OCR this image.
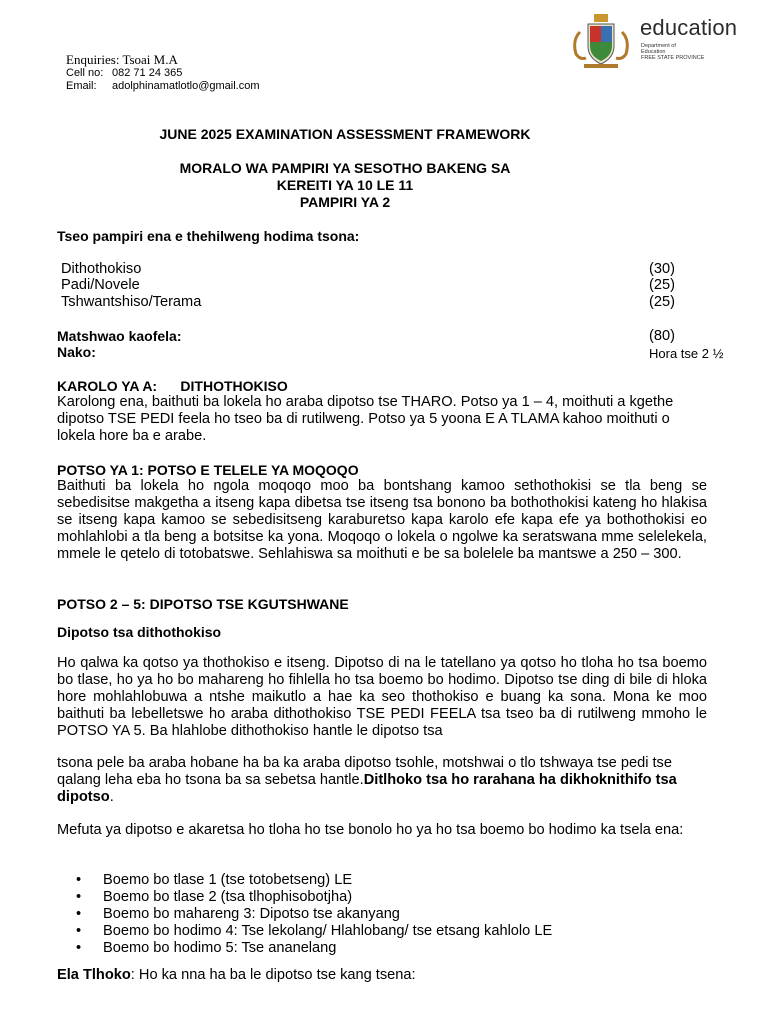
Enquiries: Tsoai M.A
Cell no: 082 71 24 365
Email: adolphinamatlotlo@gmail.com
education
Department of
Education
FREE STATE PROVINCE
JUNE 2025 EXAMINATION ASSESSMENT FRAMEWORK
MORALO WA PAMPIRI YA SESOTHO BAKENG SA
KEREITI YA 10 LE 11
PAMPIRI YA 2
Tseo pampiri ena e thehilweng hodima tsona:
Dithothokiso	(30)
Padi/Novele	(25)
Tshwantshiso/Terama	(25)
Matshwao kaofela:	(80)
Nako:	Hora tse 2 ½
KAROLO YA A:      DITHOTHOKISO
Karolong ena, baithuti ba lokela ho araba dipotso tse THARO. Potso ya 1 – 4, moithuti a kgethe dipotso TSE PEDI feela ho tseo ba di rutilweng. Potso ya 5 yoona E A TLAMA kahoo moithuti o lokela hore ba e arabe.
POTSO YA 1: POTSO E TELELE YA MOQOQO
Baithuti ba lokela ho ngola moqoqo moo ba bontshang kamoo sethothokisi se tla beng se sebedisitse makgetha a itseng kapa dibetsa tse itseng tsa bonono ba bothothokisi kateng ho hlakisa se itseng kapa kamoo se sebedisitseng karaburetso kapa karolo efe kapa efe ya bothothokisi eo mohlahlobi a tla beng a botsitse ka yona. Moqoqo o lokela o ngolwe ka seratswana mme selelekela, mmele le qetelo di totobatswe. Sehlahiswa sa moithuti e be sa bolelele ba mantswe a 250 – 300.
POTSO 2 – 5: DIPOTSO TSE KGUTSHWANE
Dipotso tsa dithothokiso
Ho qalwa ka qotso ya thothokiso e itseng. Dipotso di na le tatellano ya qotso ho tloha ho tsa boemo bo tlase, ho ya ho bo mahareng ho fihlella ho tsa boemo bo hodimo. Dipotso tse ding di bile di hloka hore mohlahlobuwa a ntshe maikutlo a hae ka seo thothokiso e buang ka sona. Mona ke moo baithuti ba lebelletswe ho araba dithothokiso TSE PEDI FEELA tsa tseo ba di rutilweng mmoho le POTSO YA 5. Ba hlahlobe dithothokiso hantle le dipotso tsa
tsona pele ba araba hobane ha ba ka araba dipotso tsohle, motshwai o tlo tshwaya tse pedi tse qalang leha eba ho tsona ba sa sebetsa hantle.Ditlhoko tsa ho rarahana ha dikhoknithifo tsa dipotso.
Mefuta ya dipotso e akaretsa ho tloha ho tse bonolo ho ya ho tsa boemo bo hodimo ka tsela ena:
• Boemo bo tlase 1 (tse totobetseng) LE
• Boemo bo tlase 2 (tsa tlhophisobotjha)
• Boemo bo mahareng 3: Dipotso tse akanyang
• Boemo bo hodimo 4: Tse lekolang/ Hlahlobang/ tse etsang kahlolo LE
• Boemo bo hodimo 5: Tse ananelang
Ela Tlhoko: Ho ka nna ha ba le dipotso tse kang tsena:
